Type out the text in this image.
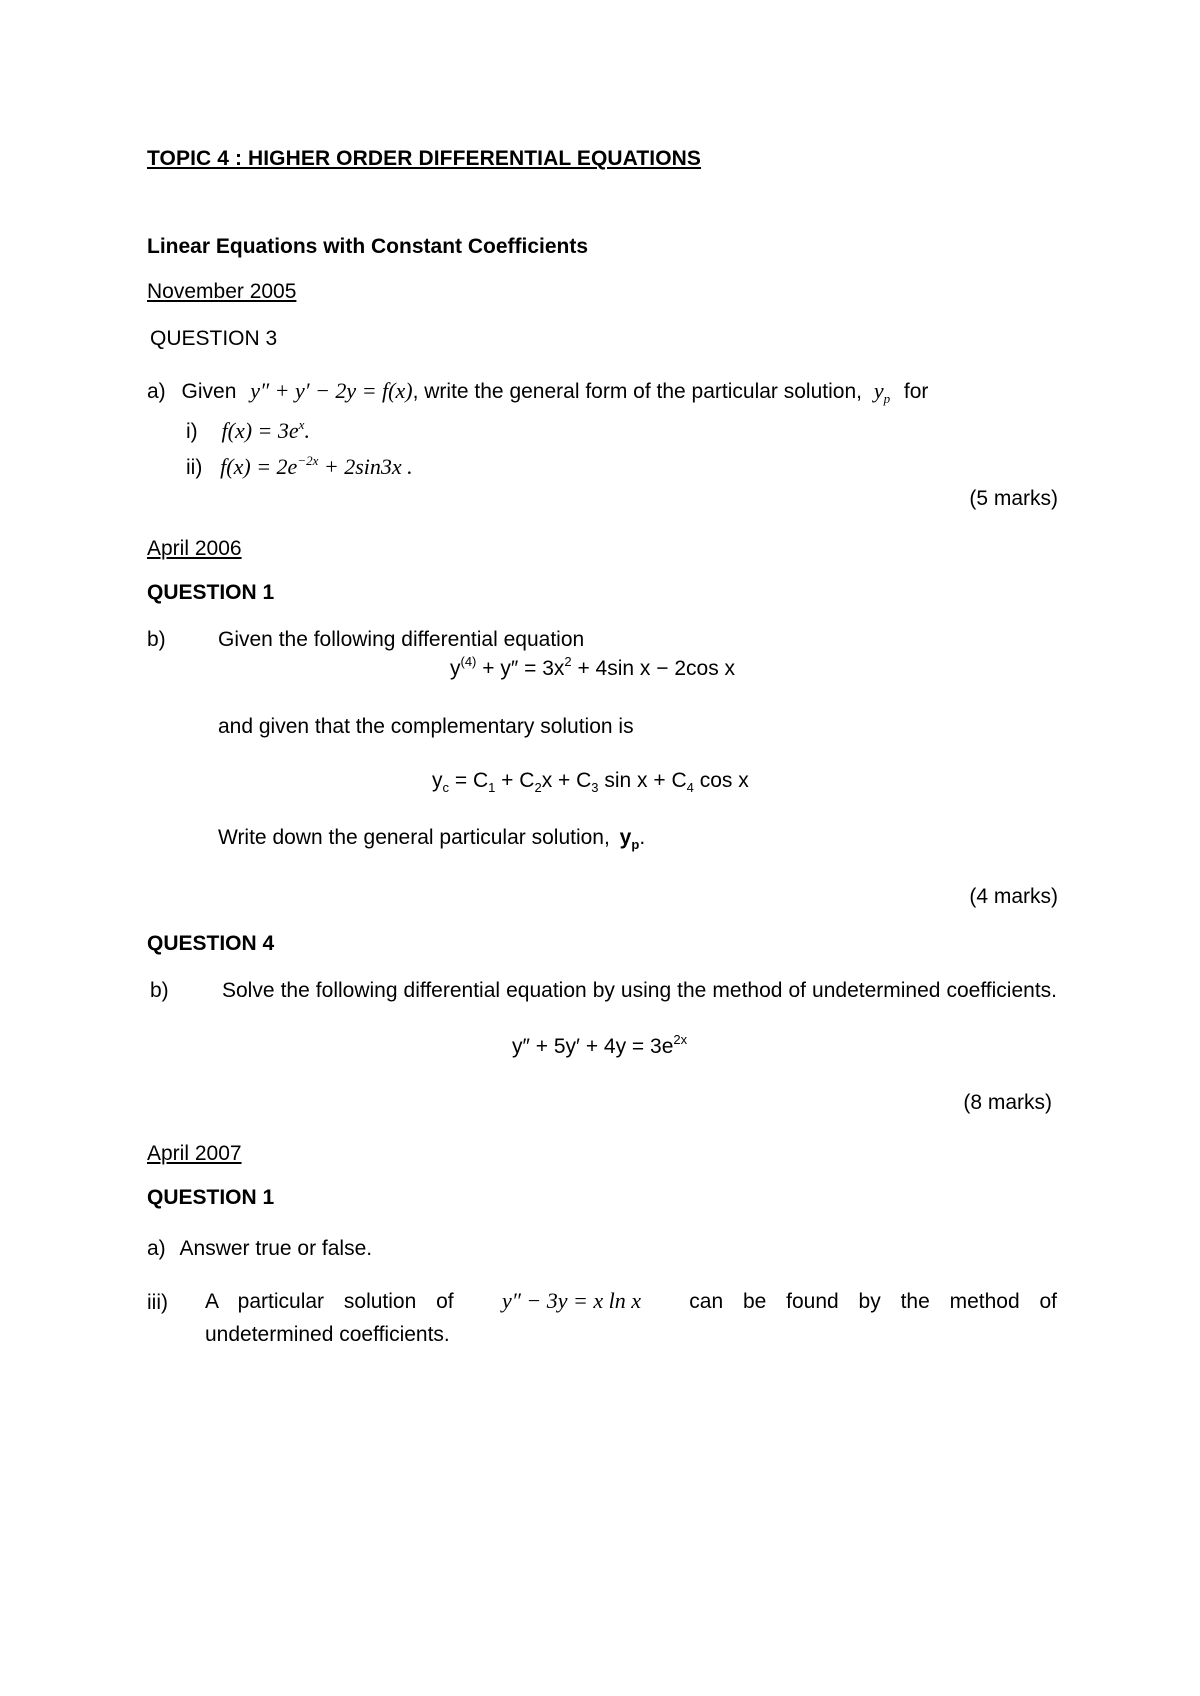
TOPIC 4 : HIGHER ORDER DIFFERENTIAL EQUATIONS
Linear Equations with Constant Coefficients
November 2005
QUESTION 3
a) Given y″ + y′ − 2y = f(x), write the general form of the particular solution, $y_p$ for
i) $f(x) = 3e^x$.
ii) $f(x) = 2e^{-2x} + 2\sin 3x$ .
(5 marks)
April 2006
QUESTION 1
b) Given the following differential equation
$y^{(4)} + y'' = 3x^2 + 4\sin$ x − 2cos x
and given that the complementary solution is
$y_c = C_1 + C_2x + C_3$ $\sin x + C_4$ cos x
Write down the general particular solution, $y_p$.
(4 marks)
QUESTION 4
b)	Solve the following differential equation by using the method of undetermined coefficients.
$y'' + 5y' + 4y = 3e^{2x}$
(8 marks)
April 2007
QUESTION 1
a) Answer true or false.
iii) A particular solution of y″ − 3y = x ln x can be found by the method of
undetermined coefficients.
